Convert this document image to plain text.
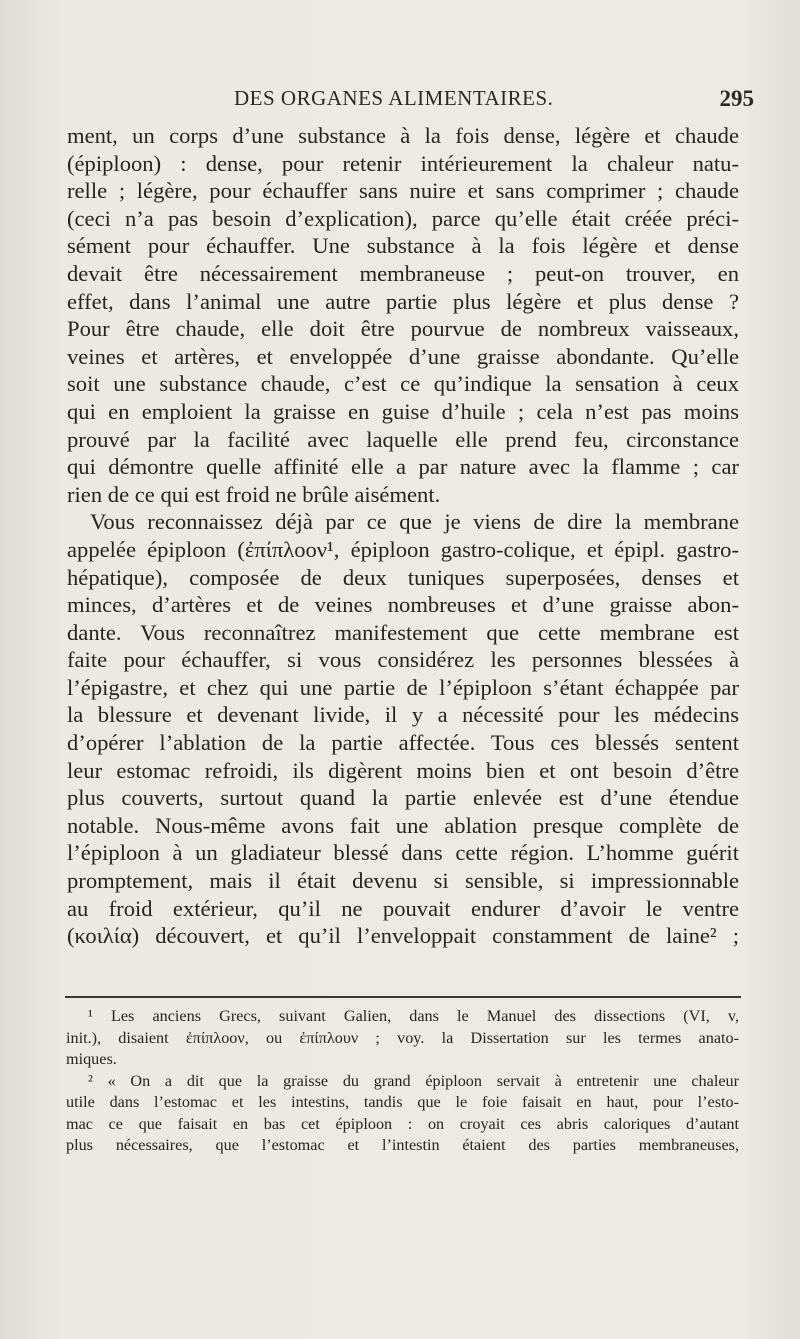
DES ORGANES ALIMENTAIRES.	295
ment, un corps d’une substance à la fois dense, légère et chaude
(épiploon) : dense, pour retenir intérieurement la chaleur natu-
relle ; légère, pour échauffer sans nuire et sans comprimer ; chaude
(ceci n’a pas besoin d’explication), parce qu’elle était créée préci-
sément pour échauffer. Une substance à la fois légère et dense
devait être nécessairement membraneuse ; peut-on trouver, en
effet, dans l’animal une autre partie plus légère et plus dense ?
Pour être chaude, elle doit être pourvue de nombreux vaisseaux,
veines et artères, et enveloppée d’une graisse abondante. Qu’elle
soit une substance chaude, c’est ce qu’indique la sensation à ceux
qui en emploient la graisse en guise d’huile ; cela n’est pas moins
prouvé par la facilité avec laquelle elle prend feu, circonstance
qui démontre quelle affinité elle a par nature avec la flamme ; car
rien de ce qui est froid ne brûle aisément.
Vous reconnaissez déjà par ce que je viens de dire la membrane
appelée épiploon (ἐπίπλοον¹, épiploon gastro-colique, et épipl. gastro-
hépatique), composée de deux tuniques superposées, denses et
minces, d’artères et de veines nombreuses et d’une graisse abon-
dante. Vous reconnaîtrez manifestement que cette membrane est
faite pour échauffer, si vous considérez les personnes blessées à
l’épigastre, et chez qui une partie de l’épiploon s’étant échappée par
la blessure et devenant livide, il y a nécessité pour les médecins
d’opérer l’ablation de la partie affectée. Tous ces blessés sentent
leur estomac refroidi, ils digèrent moins bien et ont besoin d’être
plus couverts, surtout quand la partie enlevée est d’une étendue
notable. Nous-même avons fait une ablation presque complète de
l’épiploon à un gladiateur blessé dans cette région. L’homme guérit
promptement, mais il était devenu si sensible, si impressionnable
au froid extérieur, qu’il ne pouvait endurer d’avoir le ventre
(κοιλία) découvert, et qu’il l’enveloppait constamment de laine² ;
¹ Les anciens Grecs, suivant Galien, dans le Manuel des dissections (VI, v,
init.), disaient ἐπίπλοον, ou ἐπίπλουν ; voy. la Dissertation sur les termes anato-
miques.
² « On a dit que la graisse du grand épiploon servait à entretenir une chaleur
utile dans l’estomac et les intestins, tandis que le foie faisait en haut, pour l’esto-
mac ce que faisait en bas cet épiploon : on croyait ces abris caloriques d’autant
plus nécessaires, que l’estomac et l’intestin étaient des parties membraneuses,
